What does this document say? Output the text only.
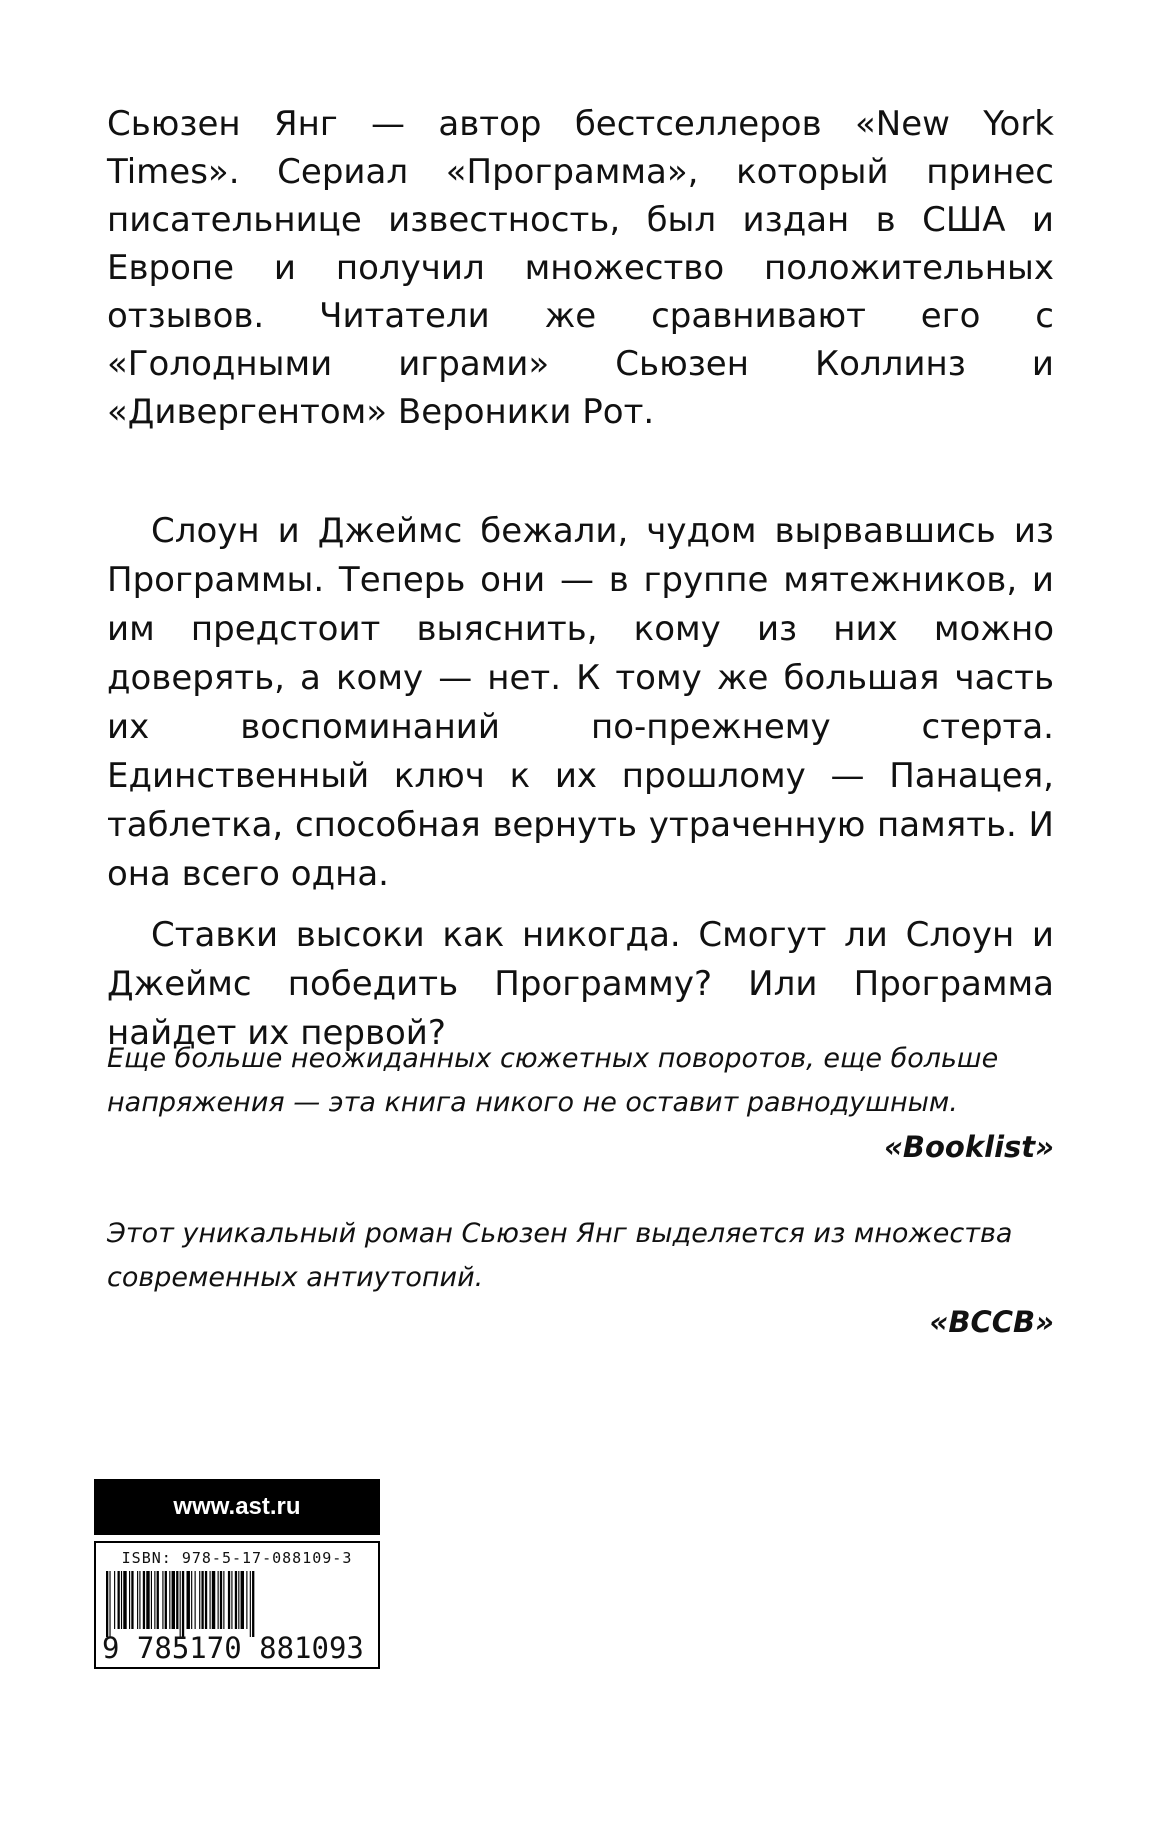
Сьюзен Янг — автор бестселлеров «New York Times». Сериал «Программа», который принес писательнице известность, был издан в США и Европе и получил множество положительных отзывов. Читатели же сравнивают его с «Голодными играми» Сьюзен Коллинз и «Дивергентом» Вероники Рот.

Слоун и Джеймс бежали, чудом вырвавшись из Программы. Теперь они — в группе мятежников, и им предстоит выяснить, кому из них можно доверять, а кому — нет. К тому же большая часть их воспоминаний по-прежнему стерта. Единственный ключ к их прошлому — Панацея, таблетка, способная вернуть утраченную память. И она всего одна.

Ставки высоки как никогда. Смогут ли Слоун и Джеймс победить Программу? Или Программа найдет их первой?

Еще больше неожиданных сюжетных поворотов, еще больше напряжения — эта книга никого не оставит равнодушным.

«Booklist»

Этот уникальный роман Сьюзен Янг выделяется из множества современных антиутопий.

«BCCB»

www.ast.ru
ISBN: 978-5-17-088109-3
9 785170 881093
